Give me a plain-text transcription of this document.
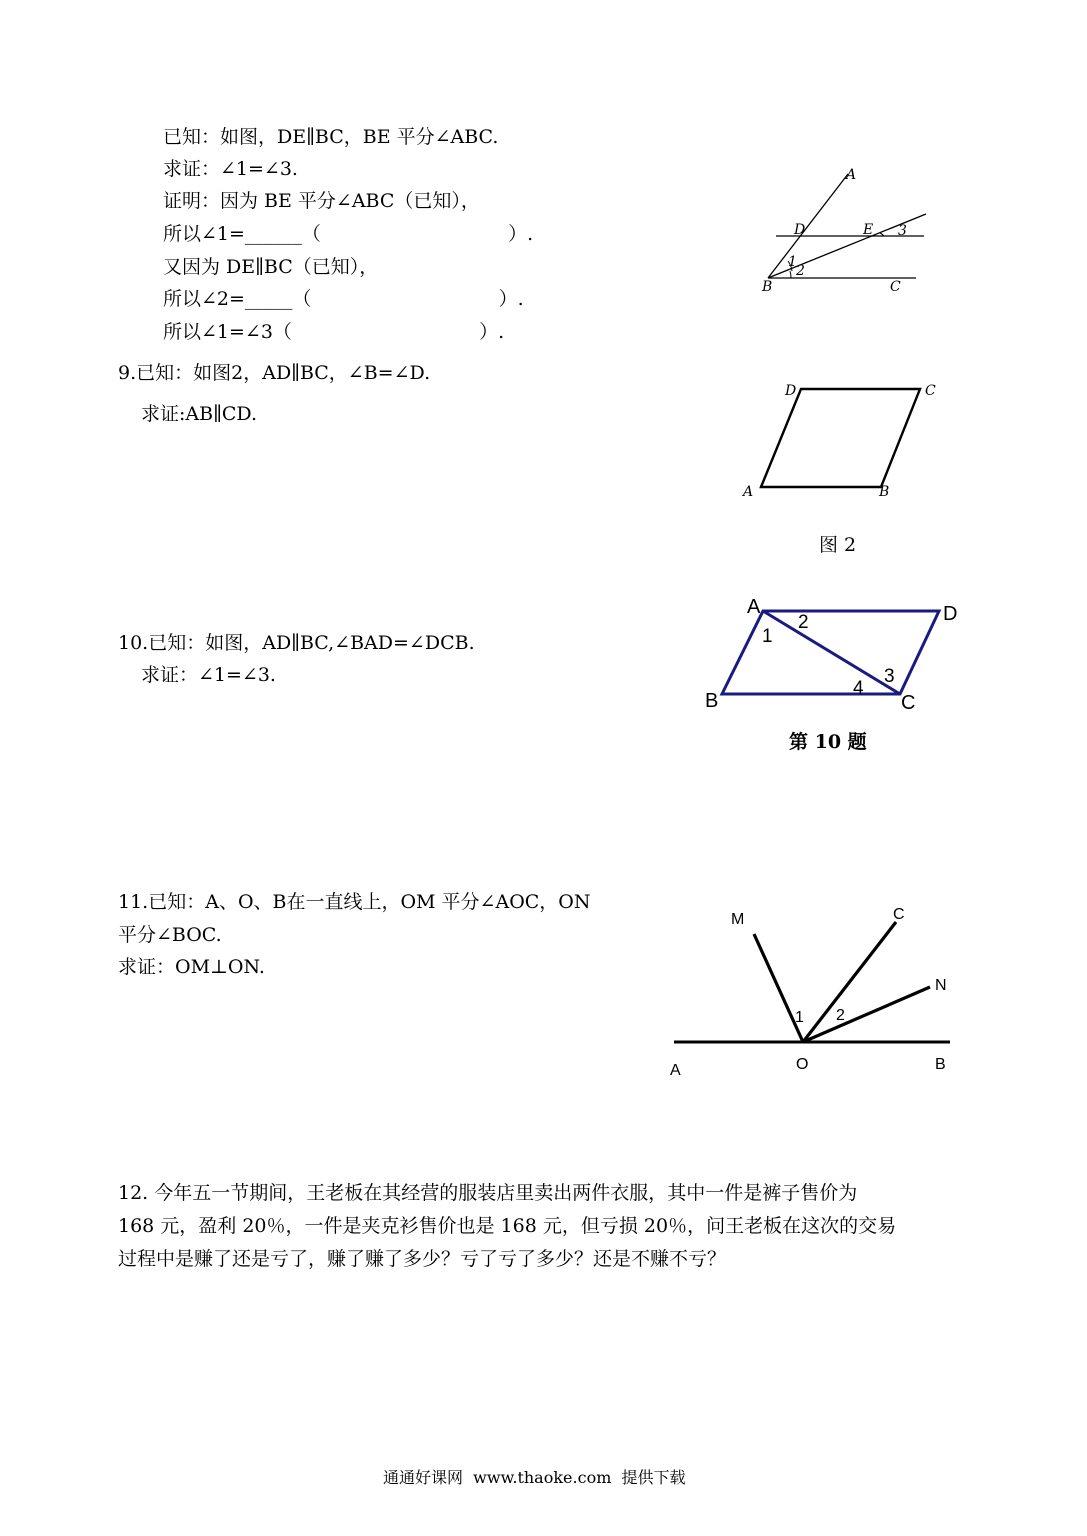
已知：如图，DE∥BC，BE 平分∠ABC.
求证：∠1=∠3.
证明：因为 BE 平分∠ABC（已知），
所以∠1=______（                               ）.
又因为 DE∥BC（已知），
所以∠2=_____（                               ）.
所以∠1=∠3（                               ）.
A
D	E 3
1
2
B	C
9.已知：如图2，AD∥BC，∠B=∠D.
求证:AB∥CD.
D	C
A	B
图 2
10.已知：如图，AD∥BC,∠BAD=∠DCB.
求证：∠1=∠3.
A	D
B	C
1
2
3
4
第 10 题
11.已知：A、O、B在一直线上，OM 平分∠AOC，ON
平分∠BOC.
求证：OM⊥ON.
M	C
N
1 2
A	O	B
12. 今年五一节期间，王老板在其经营的服装店里卖出两件衣服，其中一件是裤子售价为
168 元，盈利 20％，一件是夹克衫售价也是 168 元，但亏损 20％，问王老板在这次的交易
过程中是赚了还是亏了，赚了赚了多少？亏了亏了多少？还是不赚不亏？
通通好课网  www.thaoke.com  提供下载
